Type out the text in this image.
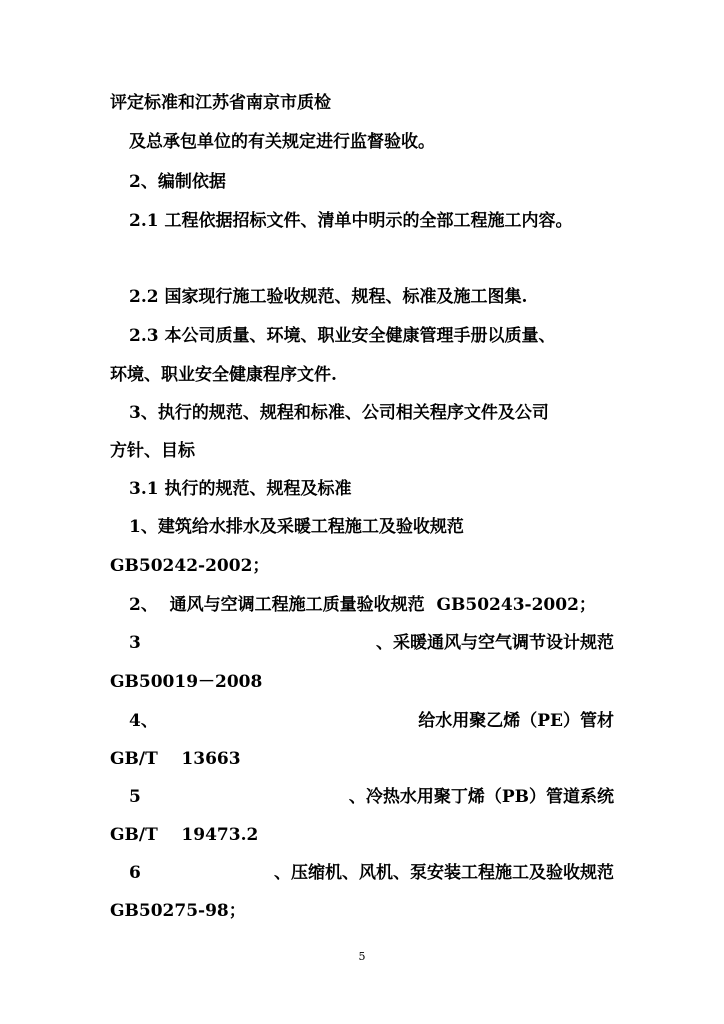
评定标准和江苏省南京市质检
及总承包单位的有关规定进行监督验收。
2、编制依据
2.1 工程依据招标文件、清单中明示的全部工程施工内容。
2.2 国家现行施工验收规范、规程、标准及施工图集.
2.3 本公司质量、环境、职业安全健康管理手册以质量、
环境、职业安全健康程序文件.
3、执行的规范、规程和标准、公司相关程序文件及公司
方针、目标
3.1 执行的规范、规程及标准
1、建筑给水排水及采暖工程施工及验收规范
GB50242-2002；
2、  通风与空调工程施工质量验收规范  GB50243-2002；
3	、采暖通风与空气调节设计规范
GB50019－2008
4、	给水用聚乙烯（PE）管材
GB/T    13663
5	、冷热水用聚丁烯（PB）管道系统
GB/T    19473.2
6	、压缩机、风机、泵安装工程施工及验收规范
GB50275-98；
5
